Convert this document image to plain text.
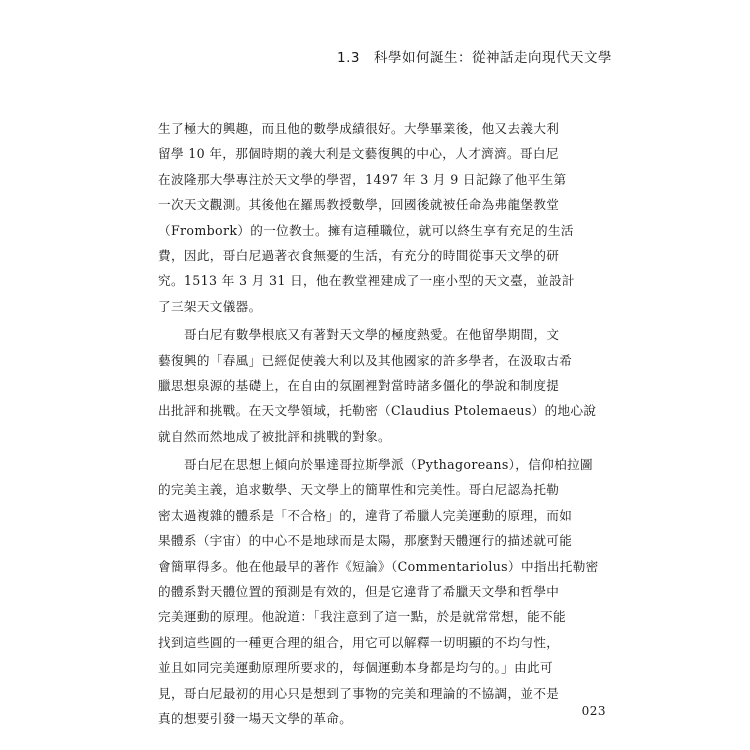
1.3 科學如何誕生：從神話走向現代天文學
生了極大的興趣，而且他的數學成績很好。大學畢業後，他又去義大利
留學 10 年，那個時期的義大利是文藝復興的中心，人才濟濟。哥白尼
在波隆那大學專注於天文學的學習，1497 年 3 月 9 日記錄了他平生第
一次天文觀測。其後他在羅馬教授數學，回國後就被任命為弗龍堡教堂
（Frombork）的一位教士。擁有這種職位，就可以終生享有充足的生活
費，因此，哥白尼過著衣食無憂的生活，有充分的時間從事天文學的研
究。1513 年 3 月 31 日，他在教堂裡建成了一座小型的天文臺，並設計
了三架天文儀器。
哥白尼有數學根底又有著對天文學的極度熱愛。在他留學期間，文
藝復興的「春風」已經促使義大利以及其他國家的許多學者，在汲取古希
臘思想泉源的基礎上，在自由的氛圍裡對當時諸多僵化的學說和制度提
出批評和挑戰。在天文學領域，托勒密（Claudius Ptolemaeus）的地心說
就自然而然地成了被批評和挑戰的對象。
哥白尼在思想上傾向於畢達哥拉斯學派（Pythagoreans），信仰柏拉圖
的完美主義，追求數學、天文學上的簡單性和完美性。哥白尼認為托勒
密太過複雜的體系是「不合格」的，違背了希臘人完美運動的原理，而如
果體系（宇宙）的中心不是地球而是太陽，那麼對天體運行的描述就可能
會簡單得多。他在他最早的著作《短論》（Commentariolus）中指出托勒密
的體系對天體位置的預測是有效的，但是它違背了希臘天文學和哲學中
完美運動的原理。他說道：「我注意到了這一點，於是就常常想，能不能
找到這些圓的一種更合理的組合，用它可以解釋一切明顯的不均勻性，
並且如同完美運動原理所要求的，每個運動本身都是均勻的。」由此可
見，哥白尼最初的用心只是想到了事物的完美和理論的不協調，並不是
真的想要引發一場天文學的革命。	023
